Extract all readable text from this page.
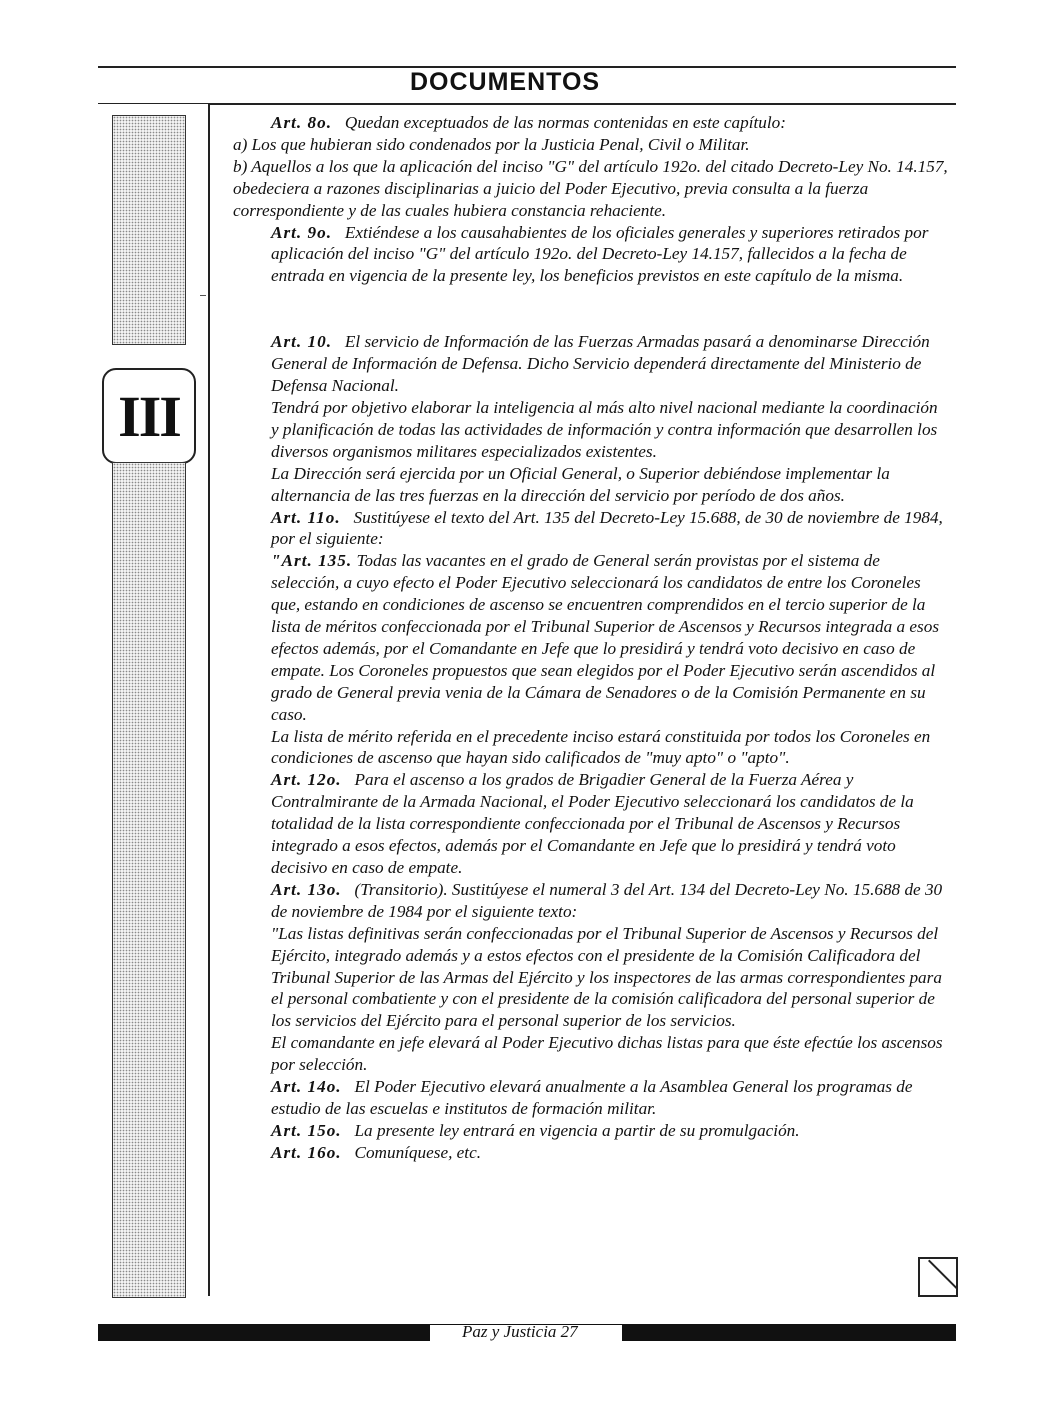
DOCUMENTOS
III

Art. 8o. Quedan exceptuados de las normas contenidas en este capítulo:

a) Los que hubieran sido condenados por la Justicia Penal, Civil o Militar.

b) Aquellos a los que la aplicación del inciso "G" del artículo 192o. del citado Decreto-Ley No. 14.157, obedeciera a razones disciplinarias a juicio del Poder Ejecutivo, previa consulta a la fuerza correspondiente y de las cuales hubiera constancia rehaciente.

Art. 9o. Extiéndese a los causahabientes de los oficiales generales y superiores retirados por aplicación del inciso "G" del artículo 192o. del Decreto-Ley 14.157, fallecidos a la fecha de entrada en vigencia de la presente ley, los beneficios previstos en este capítulo de la misma.

Art. 10. El servicio de Información de las Fuerzas Armadas pasará a denominarse Dirección General de Información de Defensa. Dicho Servicio dependerá directamente del Ministerio de Defensa Nacional.

Tendrá por objetivo elaborar la inteligencia al más alto nivel nacional mediante la coordinación y planificación de todas las actividades de información y contra información que desarrollen los diversos organismos militares especializados existentes.

La Dirección será ejercida por un Oficial General, o Superior debiéndose implementar la alternancia de las tres fuerzas en la dirección del servicio por período de dos años.

Art. 11o. Sustitúyese el texto del Art. 135 del Decreto-Ley 15.688, de 30 de noviembre de 1984, por el siguiente:

"Art. 135. Todas las vacantes en el grado de General serán provistas por el sistema de selección, a cuyo efecto el Poder Ejecutivo seleccionará los candidatos de entre los Coroneles que, estando en condiciones de ascenso se encuentren comprendidos en el tercio superior de la lista de méritos confeccionada por el Tribunal Superior de Ascensos y Recursos integrada a esos efectos además, por el Comandante en Jefe que lo presidirá y tendrá voto decisivo en caso de empate. Los Coroneles propuestos que sean elegidos por el Poder Ejecutivo serán ascendidos al grado de General previa venia de la Cámara de Senadores o de la Comisión Permanente en su caso.

La lista de mérito referida en el precedente inciso estará constituida por todos los Coroneles en condiciones de ascenso que hayan sido calificados de "muy apto" o "apto".

Art. 12o. Para el ascenso a los grados de Brigadier General de la Fuerza Aérea y Contralmirante de la Armada Nacional, el Poder Ejecutivo seleccionará los candidatos de la totalidad de la lista correspondiente confeccionada por el Tribunal de Ascensos y Recursos integrado a esos efectos, además por el Comandante en Jefe que lo presidirá y tendrá voto decisivo en caso de empate.

Art. 13o. (Transitorio). Sustitúyese el numeral 3 del Art. 134 del Decreto-Ley No. 15.688 de 30 de noviembre de 1984 por el siguiente texto:

"Las listas definitivas serán confeccionadas por el Tribunal Superior de Ascensos y Recursos del Ejército, integrado además y a estos efectos con el presidente de la Comisión Calificadora del Tribunal Superior de las Armas del Ejército y los inspectores de las armas correspondientes para el personal combatiente y con el presidente de la comisión calificadora del personal superior de los servicios del Ejército para el personal superior de los servicios.

El comandante en jefe elevará al Poder Ejecutivo dichas listas para que éste efectúe los ascensos por selección.

Art. 14o. El Poder Ejecutivo elevará anualmente a la Asamblea General los programas de estudio de las escuelas e institutos de formación militar.

Art. 15o. La presente ley entrará en vigencia a partir de su promulgación.

Art. 16o. Comuníquese, etc.

Paz y Justicia 27
